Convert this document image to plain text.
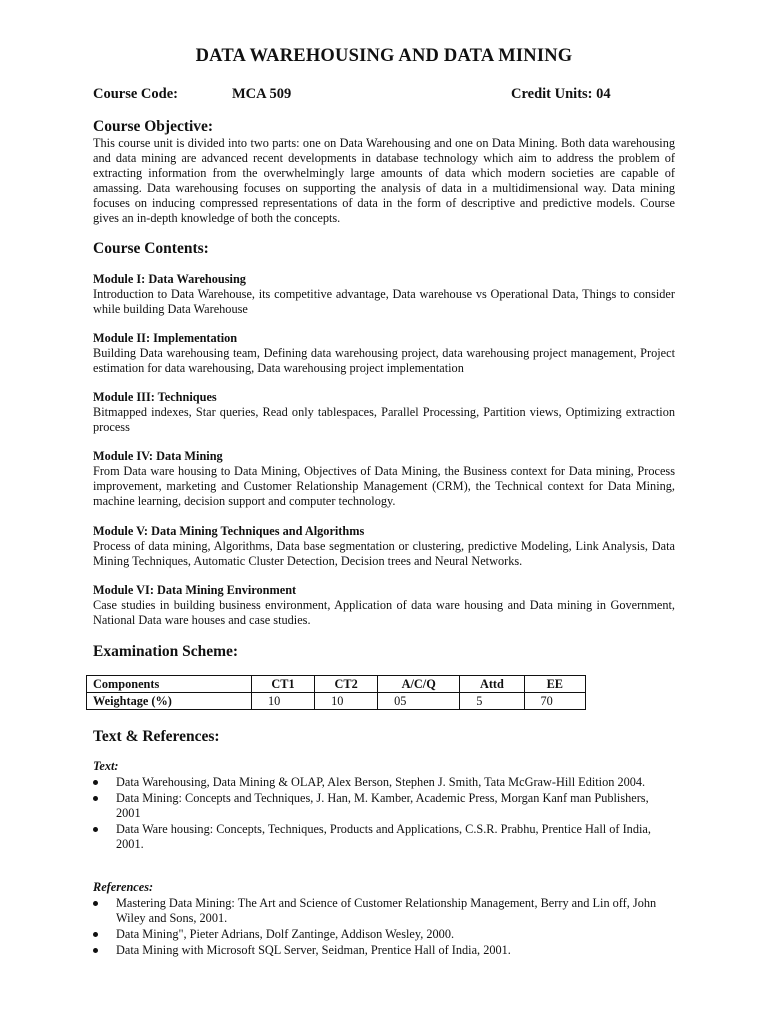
DATA WAREHOUSING AND DATA MINING
Course Code:	MCA 509	Credit Units: 04
Course Objective:
This course unit is divided into two parts: one on Data Warehousing and one on Data Mining. Both data warehousing and data mining are advanced recent developments in database technology which aim to address the problem of extracting information from the overwhelmingly large amounts of data which modern societies are capable of amassing. Data warehousing focuses on supporting the analysis of data in a multidimensional way. Data mining focuses on inducing compressed representations of data in the form of descriptive and predictive models. Course gives an in-depth knowledge of both the concepts.
Course Contents:
Module I: Data Warehousing
Introduction to Data Warehouse, its competitive advantage, Data warehouse vs Operational Data, Things to consider while building Data Warehouse
Module II: Implementation
Building Data warehousing team, Defining data warehousing project, data warehousing project management, Project estimation for data warehousing, Data warehousing project implementation
Module III: Techniques
Bitmapped indexes, Star queries, Read only tablespaces, Parallel Processing, Partition views, Optimizing extraction process
Module IV: Data Mining
From Data ware housing to Data Mining, Objectives of Data Mining, the Business context for Data mining, Process improvement, marketing and Customer Relationship Management (CRM), the Technical context for Data Mining, machine learning, decision support and computer technology.
Module V: Data Mining Techniques and Algorithms
Process of data mining, Algorithms, Data base segmentation or clustering, predictive Modeling, Link Analysis, Data Mining Techniques, Automatic Cluster Detection, Decision trees and Neural Networks.
Module VI: Data Mining Environment
Case studies in building business environment, Application of data ware housing and Data mining in Government, National Data ware houses and case studies.
Examination Scheme:
Components	CT1	CT2	A/C/Q	Attd	EE
Weightage (%)	10	10	05	5	70
Text & References:
Text:
Data Warehousing, Data Mining & OLAP, Alex Berson, Stephen J. Smith, Tata McGraw-Hill Edition 2004.
Data Mining: Concepts and Techniques, J. Han, M. Kamber, Academic Press, Morgan Kanf man Publishers, 2001
Data Ware housing: Concepts, Techniques, Products and Applications, C.S.R. Prabhu, Prentice Hall of India, 2001.
References:
Mastering Data Mining: The Art and Science of Customer Relationship Management, Berry and Lin off, John Wiley and Sons, 2001.
Data Mining", Pieter Adrians, Dolf Zantinge, Addison Wesley, 2000.
Data Mining with Microsoft SQL Server, Seidman, Prentice Hall of India, 2001.
